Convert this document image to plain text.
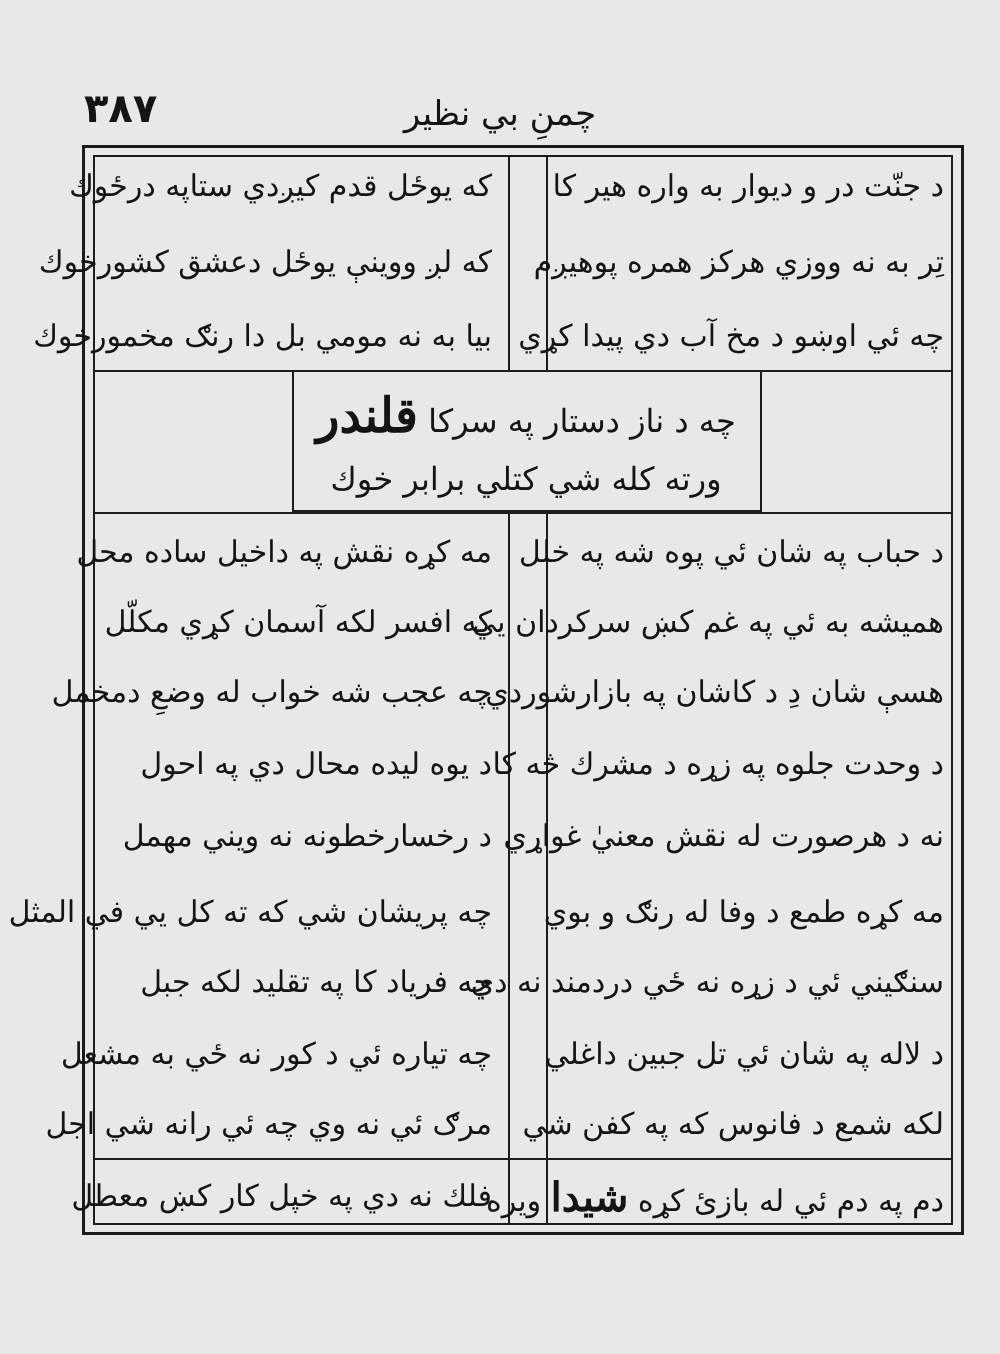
۳۸۷	چمنِ بي نظير
د جنّت در و ديوار به واره هير كا
تِر به نه ووزي هركز همره پوهيږم
چه ئي اوښو د مخ آب دي پيدا كړي
كه يوځل قدم كيږدي ستاپه درځوك
كه لږ ووينې يوځل دعشق كشورخوك
بيا به نه مومي بل دا رنګ مخمورخوك
چه د ناز دستار په سركا قلندر
ورته كله شي كتلي برابر خوك
د حباب په شان ئي پوه شه په خلل
هميشه به ئي په غم كښ سركردان يي
هسې شان دِ د كاشان په بازارشوردي
د وحدت جلوه په زړه د مشرك څه كا
نه د هرصورت له نقش معنيٰ غواړي
مه كړه طمع د وفا له رنګ و بوي
سنګيني ئي د زړه نه ځي دردمند نه دي
د لاله په شان ئي تل جبين داغلي
لكه شمع د فانوس كه په كفن شي
مه كړه نقش په داخيل ساده محل
كه افسر لكه آسمان كړي مكلّل
چه عجب شه خواب له وضعِ دمخمل
د يوه ليده محال دي په احول
د رخسارخطونه نه ويني مهمل
چه پريشان شي كه ته كل يي في المثل
چه فرياد كا په تقليد لكه جبل
چه تياره ئي د كور نه ځي به مشعل
مرګ ئي نه وي چه ئي رانه شي اجل
دم په دم ئي له بازئ كړه شيدا ويره
فلك نه دي په خپل كار كښ معطل
